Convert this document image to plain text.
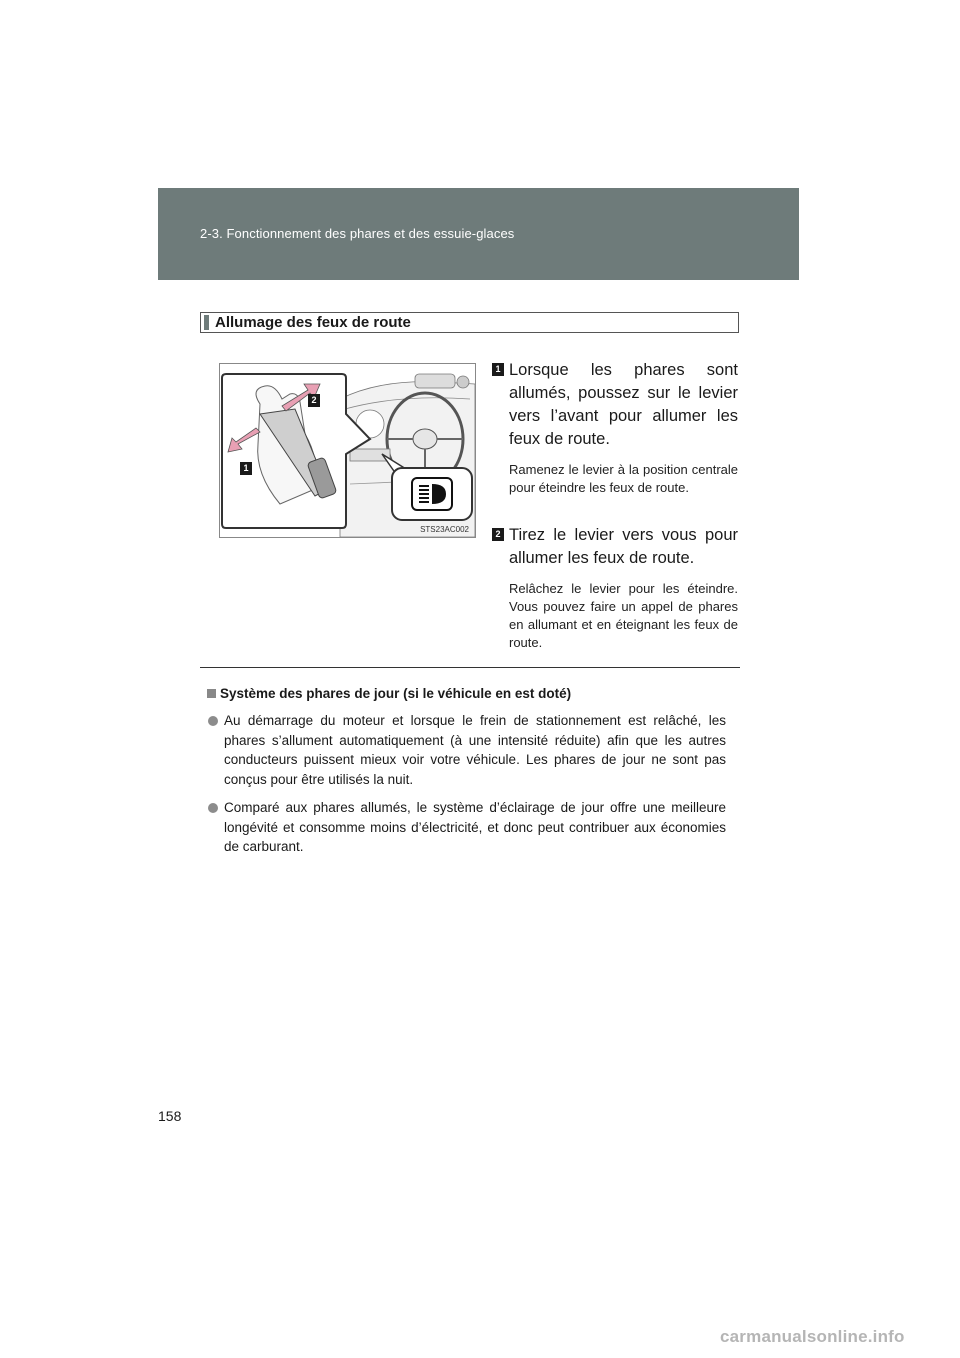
2-3. Fonctionnement des phares et des essuie-glaces
Allumage des feux de route
1
2
STS23AC002
1 Lorsque les phares sont allumés, poussez sur le levier vers l’avant pour allumer les feux de route.
Ramenez le levier à la position centrale pour éteindre les feux de route.
2 Tirez le levier vers vous pour allumer les feux de route.
Relâchez le levier pour les éteindre. Vous pouvez faire un appel de phares en allumant et en éteignant les feux de route.
Système des phares de jour (si le véhicule en est doté)
Au démarrage du moteur et lorsque le frein de stationnement est relâché, les phares s’allument automatiquement (à une intensité réduite) afin que les autres conducteurs puissent mieux voir votre véhicule. Les phares de jour ne sont pas conçus pour être utilisés la nuit.
Comparé aux phares allumés, le système d’éclairage de jour offre une meilleure longévité et consomme moins d’électricité, et donc peut contribuer aux économies de carburant.
158
carmanualsonline.info
